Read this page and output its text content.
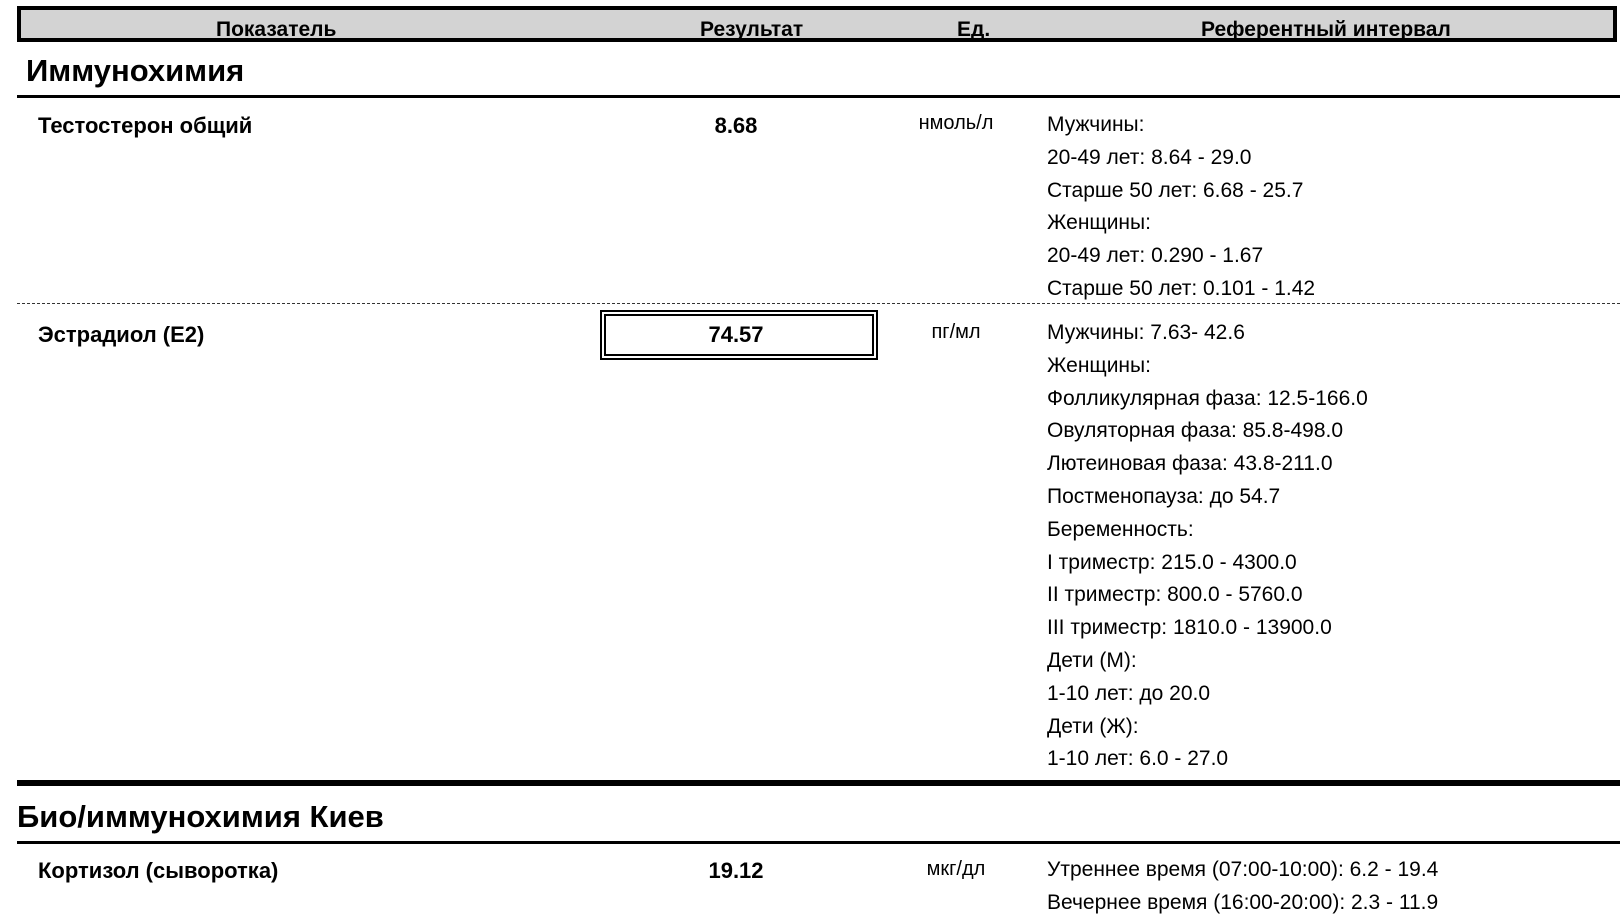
Показатель	Результат	Ед.	Референтный интервал
Иммунохимия
Тестостерон общий	8.68	нмоль/л	Мужчины:
20-49 лет: 8.64 - 29.0
Старше 50 лет: 6.68 - 25.7
Женщины:
20-49 лет: 0.290 - 1.67
Старше 50 лет: 0.101 - 1.42
Эстрадиол (Е2)	74.57	пг/мл	Мужчины: 7.63- 42.6
Женщины:
Фолликулярная фаза: 12.5-166.0
Овуляторная фаза: 85.8-498.0
Лютеиновая фаза: 43.8-211.0
Постменопауза: до 54.7
Беременность:
I триместр: 215.0 - 4300.0
II триместр: 800.0 - 5760.0
III триместр: 1810.0 - 13900.0
Дети (М):
1-10 лет: до 20.0
Дети (Ж):
1-10 лет: 6.0 - 27.0
Био/иммунохимия Киев
Кортизол (сыворотка)	19.12	мкг/дл	Утреннее время (07:00-10:00): 6.2 - 19.4
Вечернее время (16:00-20:00): 2.3 - 11.9
